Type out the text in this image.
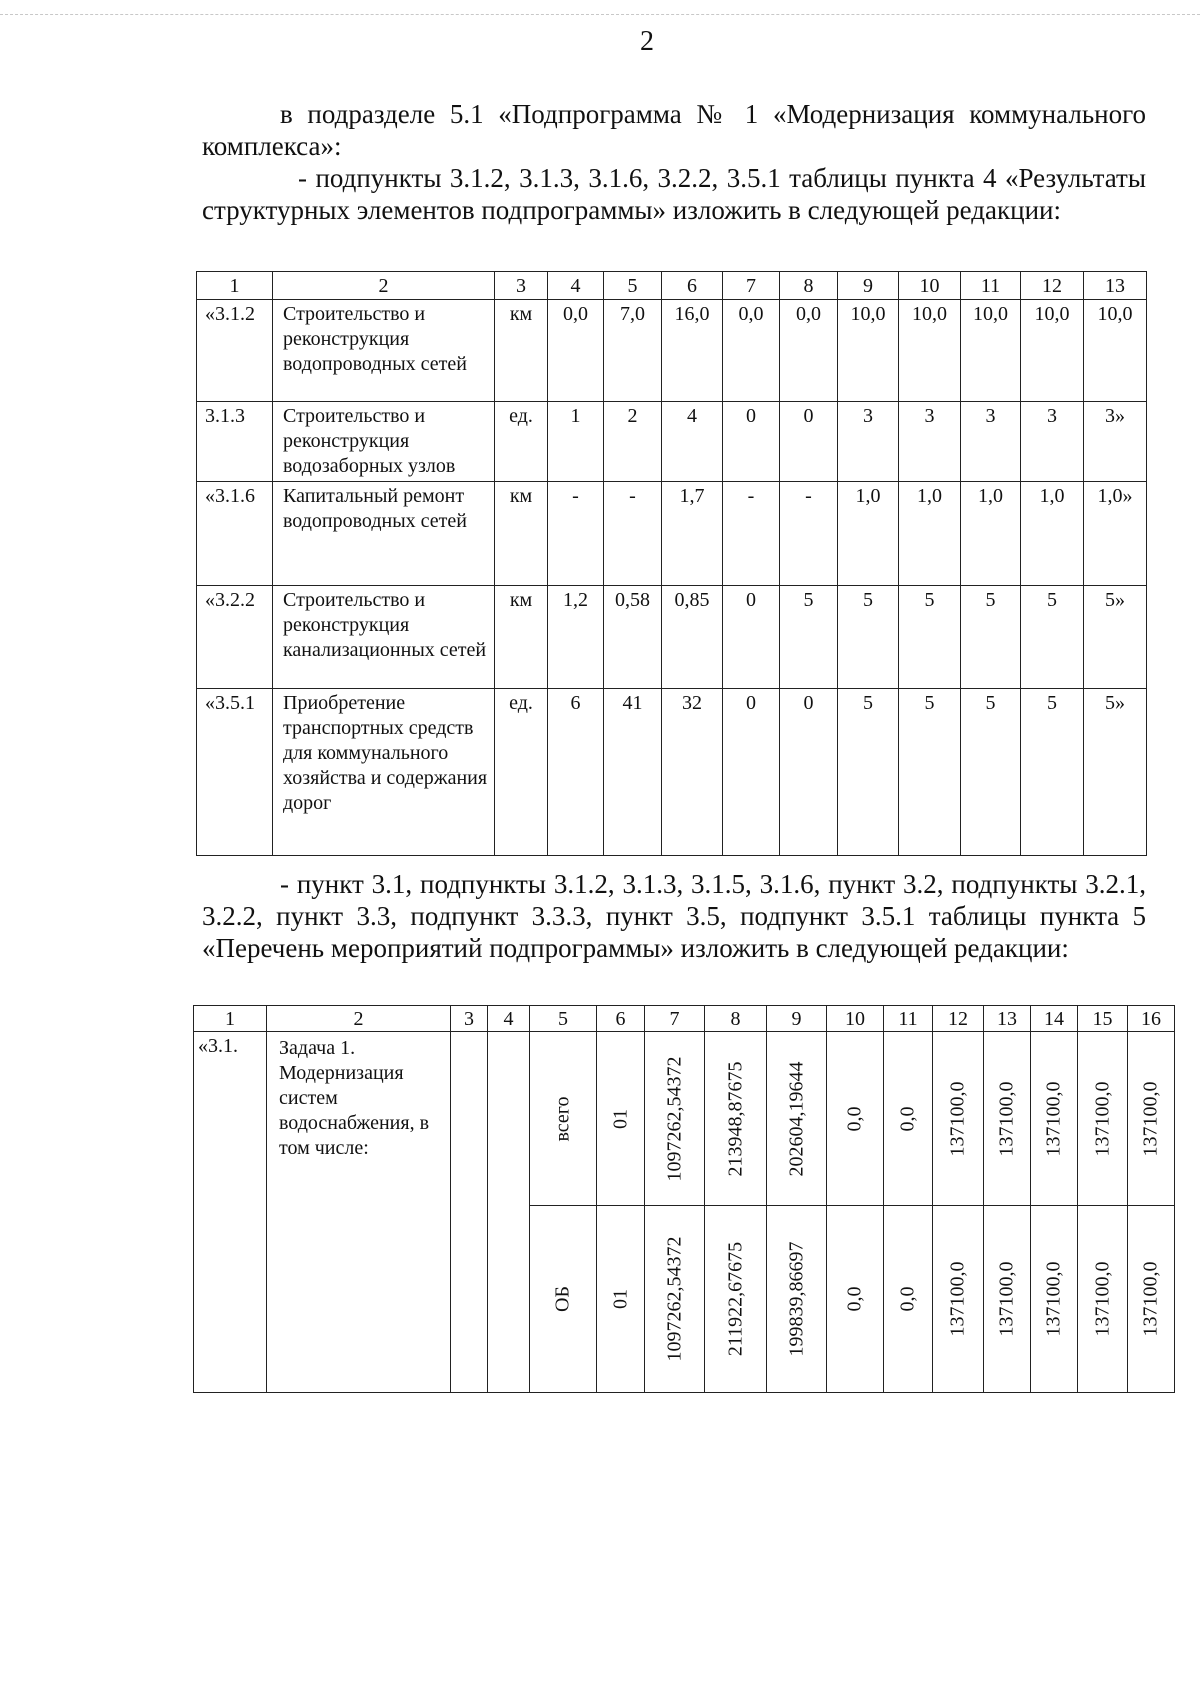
2

в подразделе 5.1 «Подпрограмма № 1 «Модернизация коммунального комплекса»:

- подпункты 3.1.2, 3.1.3, 3.1.6, 3.2.2, 3.5.1 таблицы пункта 4 «Результаты структурных элементов подпрограммы» изложить в следующей редакции:

1	2	3	4	5	6	7	8	9	10	11	12	13
«3.1.2	Строительство и реконструкция водопроводных сетей	км	0,0	7,0	16,0	0,0	0,0	10,0	10,0	10,0	10,0	10,0
3.1.3	Строительство и реконструкция водозаборных узлов	ед.	1	2	4	0	0	3	3	3	3	3»
«3.1.6	Капитальный ремонт водопроводных сетей	км	-	-	1,7	-	-	1,0	1,0	1,0	1,0	1,0»
«3.2.2	Строительство и реконструкция канализационных сетей	км	1,2	0,58	0,85	0	5	5	5	5	5	5»
«3.5.1	Приобретение транспортных средств для коммунального хозяйства и содержания дорог	ед.	6	41	32	0	0	5	5	5	5	5»

- пункт 3.1, подпункты 3.1.2, 3.1.3, 3.1.5, 3.1.6, пункт 3.2, подпункты 3.2.1, 3.2.2, пункт 3.3, подпункт 3.3.3, пункт 3.5, подпункт 3.5.1 таблицы пункта 5 «Перечень мероприятий подпрограммы» изложить в следующей редакции:

1	2	3	4	5	6	7	8	9	10	11	12	13	14	15	16
«3.1.	Задача 1. Модернизация систем водоснабжения, в том числе:			всего	01	1097262,54372	213948,87675	202604,19644	0,0	0,0	137100,0	137100,0	137100,0	137100,0	137100,0

				ОБ	01	1097262,54372	211922,67675	199839,86697	0,0	0,0	137100,0	137100,0	137100,0	137100,0	137100,0
